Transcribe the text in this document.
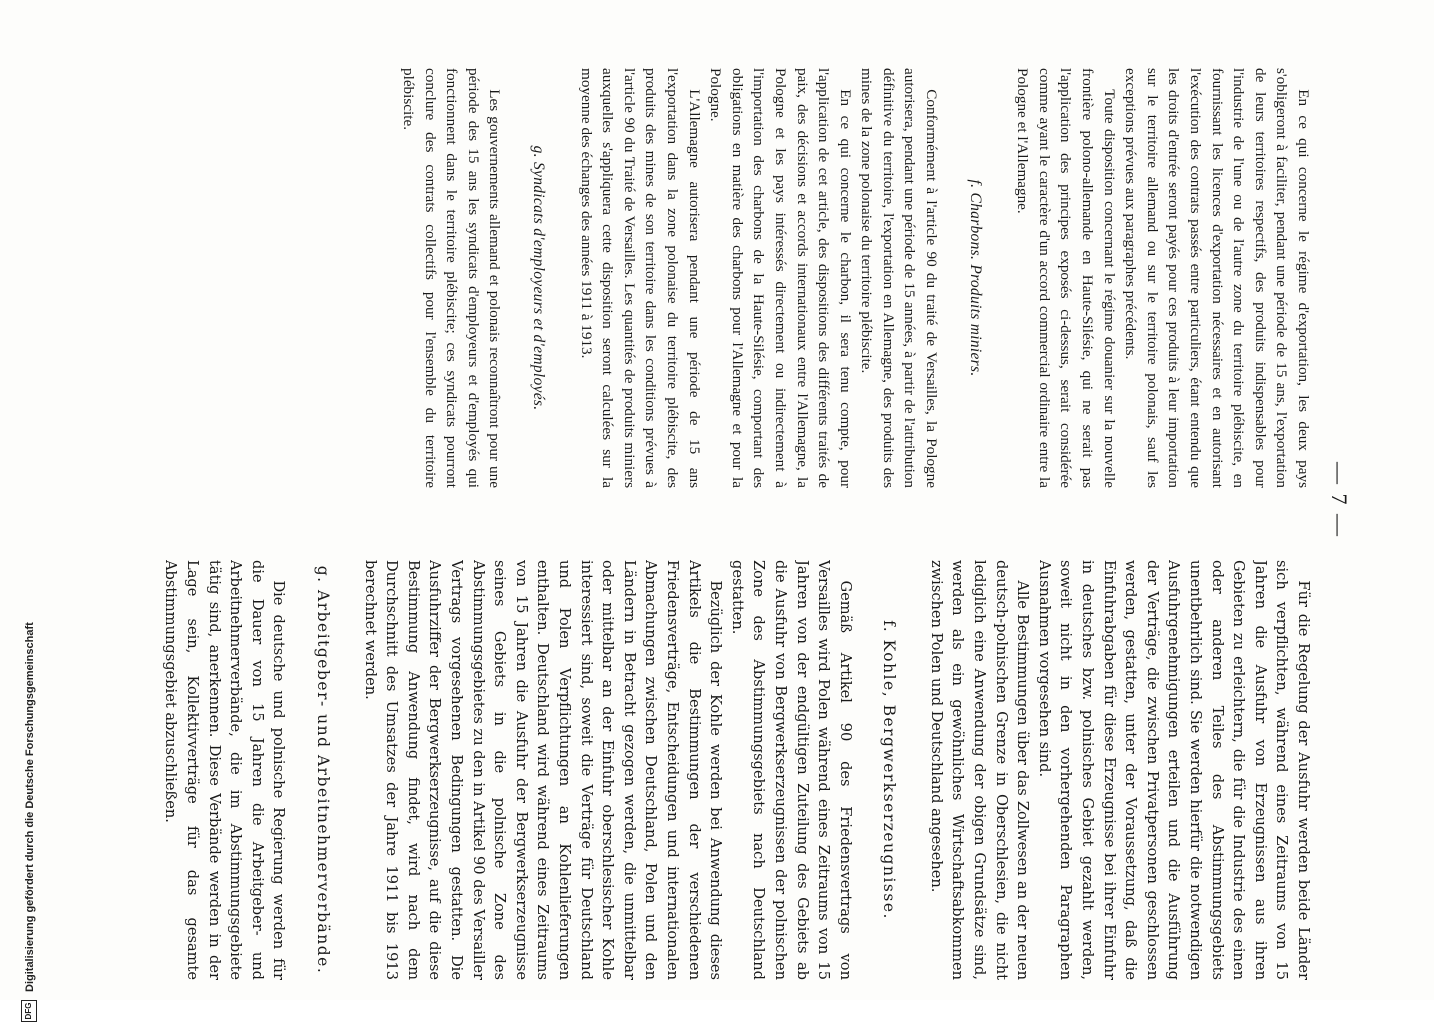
— 7 —

En ce qui concerne le régime d'exportation, les deux pays s'obligeront à faciliter, pendant une période de 15 ans, l'exportation de leurs territoires respectifs, des produits indispensables pour l'industrie de l'une ou de l'autre zone du territoire plébiscite, en fournissant les licences d'exportation nécessaires et en autorisant l'exécution des contrats passés entre particuliers, étant entendu que les droits d'entrée seront payés pour ces produits à leur importation sur le territoire allemand ou sur le territoire polonais, sauf les exceptions prévues aux paragraphes précédents.

Toute disposition concernant le régime douanier sur la nouvelle frontière polono-allemande en Haute-Silésie, qui ne serait pas l'application des principes exposés ci-dessus, serait considérée comme ayant le caractère d'un accord commercial ordinaire entre la Pologne et l'Allemagne.

f. Charbons. Produits miniers.

Conformément à l'article 90 du traité de Versailles, la Pologne autorisera, pendant une période de 15 années, à partir de l'attribution définitive du territoire, l'exportation en Allemagne, des produits des mines de la zone polonaise du territoire plébiscite.

En ce qui concerne le charbon, il sera tenu compte, pour l'application de cet article, des dispositions des différents traités de paix, des décisions et accords internationaux entre l'Allemagne, la Pologne et les pays intéressés directement ou indirectement à l'importation des charbons de la Haute-Silésie, comportant des obligations en matière des charbons pour l'Allemagne et pour la Pologne.

L'Allemagne autorisera pendant une période de 15 ans l'exportation dans la zone polonaise du territoire plébiscite, des produits des mines de son territoire dans les conditions prévues à l'article 90 du Traité de Versailles. Les quantités de produits miniers auxquelles s'appliquera cette disposition seront calculées sur la moyenne des échanges des années 1911 à 1913.

g. Syndicats d'employeurs et d'employés.

Les gouvernements allemand et polonais reconnaîtront pour une période des 15 ans les syndicats d'employeurs et d'employés qui fonctionnent dans le territoire plébiscite; ces syndicats pourront conclure des contrats collectifs pour l'ensemble du territoire plébiscite.

Für die Regelung der Ausfuhr werden beide Länder sich verpflichten, während eines Zeitraums von 15 Jahren die Ausfuhr von Erzeugnissen aus ihren Gebieten zu erleichtern, die für die Industrie des einen oder anderen Teiles des Abstimmungsgebiets unentbehrlich sind. Sie werden hierfür die notwendigen Ausfuhrgenehmigungen erteilen und die Ausführung der Verträge, die zwischen Privatpersonen geschlossen werden, gestatten, unter der Voraussetzung, daß die Einfuhrabgaben für diese Erzeugnisse bei ihrer Einfuhr in deutsches bzw. polnisches Gebiet gezahlt werden, soweit nicht in den vorhergehenden Paragraphen Ausnahmen vorgesehen sind.

Alle Bestimmungen über das Zollwesen an der neuen deutsch-polnischen Grenze in Oberschlesien, die nicht lediglich eine Anwendung der obigen Grundsätze sind, werden als ein gewöhnliches Wirtschaftsabkommen zwischen Polen und Deutschland angesehen.

f. Kohle, Bergwerkserzeugnisse.

Gemäß Artikel 90 des Friedensvertrags von Versailles wird Polen während eines Zeitraums von 15 Jahren von der endgültigen Zuteilung des Gebiets ab die Ausfuhr von Bergwerkserzeugnissen der polnischen Zone des Abstimmungsgebiets nach Deutschland gestatten.

Bezüglich der Kohle werden bei Anwendung dieses Artikels die Bestimmungen der verschiedenen Friedensverträge, Entscheidungen und internationalen Abmachungen zwischen Deutschland, Polen und den Ländern in Betracht gezogen werden, die unmittelbar oder mittelbar an der Einfuhr oberschlesischer Kohle interessiert sind, soweit die Verträge für Deutschland und Polen Verpflichtungen an Kohlenlieferungen enthalten. Deutschland wird während eines Zeitraums von 15 Jahren die Ausfuhr der Bergwerkserzeugnisse seines Gebiets in die polnische Zone des Abstimmungsgebietes zu den in Artikel 90 des Versailler Vertrags vorgesehenen Bedingungen gestatten. Die Ausfuhrziffer der Bergwerkserzeugnisse, auf die diese Bestimmung Anwendung findet, wird nach dem Durchschnitt des Umsatzes der Jahre 1911 bis 1913 berechnet werden.

g. Arbeitgeber- und Arbeitnehmerverbände.

Die deutsche und polnische Regierung werden für die Dauer von 15 Jahren die Arbeitgeber- und Arbeitnehmerverbände, die im Abstimmungsgebiete tätig sind, anerkennen. Diese Verbände werden in der Lage sein, Kollektivverträge für das gesamte Abstimmungsgebiet abzuschließen.

DFG
Digitalisierung gefördert durch die Deutsche Forschungsgemeinschaft
